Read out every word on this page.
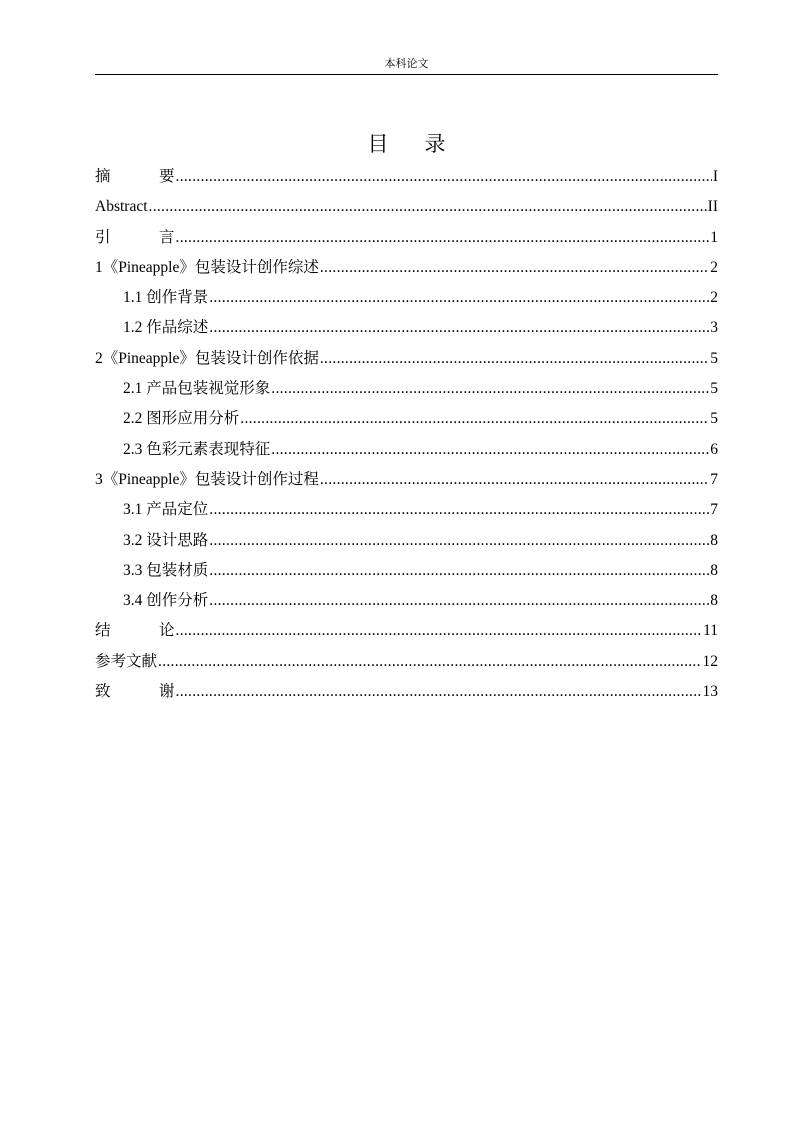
本科论文
目 录
摘	要 .....	I
Abstract .....	II
引	言 .....	1
1《Pineapple》包装设计创作综述 .....	2
1.1 创作背景 .....	2
1.2 作品综述 .....	3
2《Pineapple》包装设计创作依据 .....	5
2.1 产品包装视觉形象 .....	5
2.2 图形应用分析 .....	5
2.3 色彩元素表现特征 .....	6
3《Pineapple》包装设计创作过程 .....	7
3.1 产品定位 .....	7
3.2 设计思路 .....	8
3.3 包装材质 .....	8
3.4 创作分析 .....	8
结	论 .....	11
参考文献 .....	12
致	谢 .....	13
